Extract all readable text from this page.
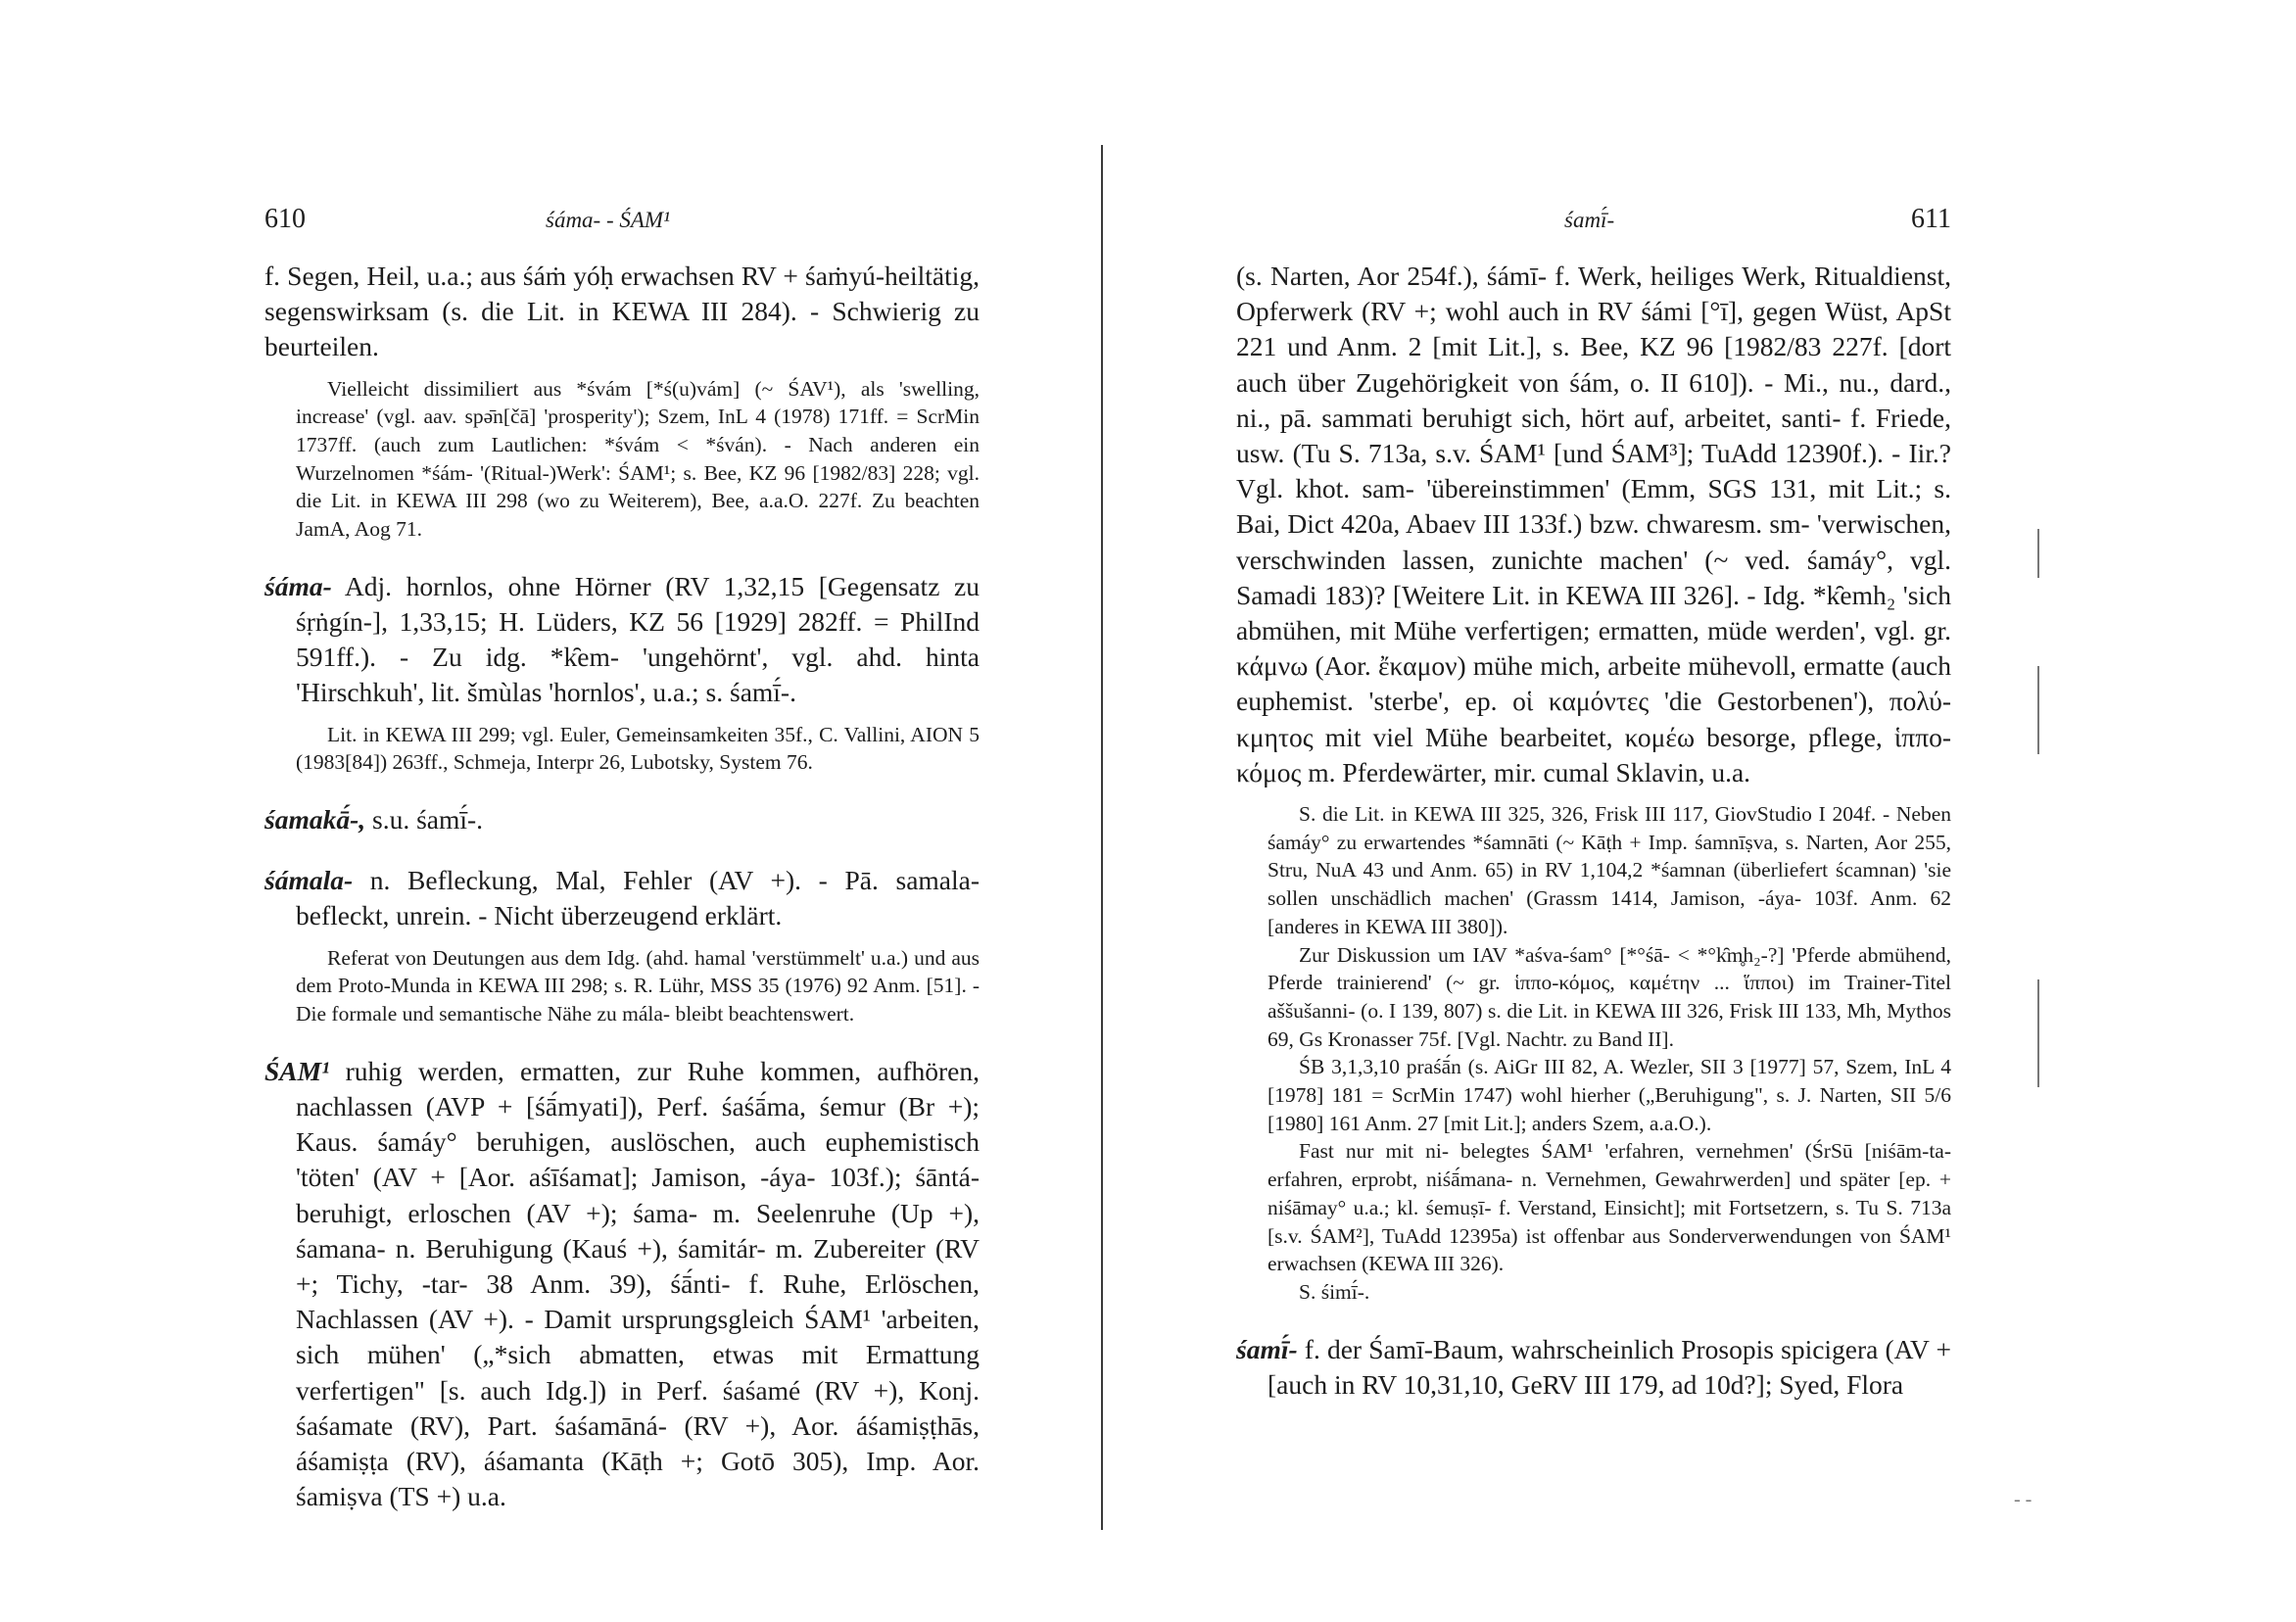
610	śáma- - ŚAM¹

f. Segen, Heil, u.a.; aus śáṁ yóḥ erwachsen RV + śaṁyú-heiltätig, segenswirksam (s. die Lit. in KEWA III 284). - Schwierig zu beurteilen.

Vielleicht dissimiliert aus *śvám [*ś(u)vám] (~ ŚAV¹), als 'swelling, increase' (vgl. aav. spə̄n[čā] 'prosperity'); Szem, InL 4 (1978) 171ff. = ScrMin 1737ff. (auch zum Lautlichen: *śvám < *śván). - Nach anderen ein Wurzelnomen *śám- '(Ritual-)Werk': ŚAM¹; s. Bee, KZ 96 [1982/83] 228; vgl. die Lit. in KEWA III 298 (wo zu Weiterem), Bee, a.a.O. 227f. Zu beachten JamA, Aog 71.

śáma- Adj. hornlos, ohne Hörner (RV 1,32,15 [Gegensatz zu śṛṅgín-], 1,33,15; H. Lüders, KZ 56 [1929] 282ff. = PhilInd 591ff.). - Zu idg. *k̑em- 'ungehörnt', vgl. ahd. hinta 'Hirschkuh', lit. šmùlas 'hornlos', u.a.; s. śamī́-.

Lit. in KEWA III 299; vgl. Euler, Gemeinsamkeiten 35f., C. Vallini, AION 5 (1983[84]) 263ff., Schmeja, Interpr 26, Lubotsky, System 76.

śamakā́-, s.u. śamī́-.

śámala- n. Befleckung, Mal, Fehler (AV +). - Pā. samala- befleckt, unrein. - Nicht überzeugend erklärt.

Referat von Deutungen aus dem Idg. (ahd. hamal 'verstümmelt' u.a.) und aus dem Proto-Munda in KEWA III 298; s. R. Lühr, MSS 35 (1976) 92 Anm. [51]. - Die formale und semantische Nähe zu mála- bleibt beachtenswert.

ŚAM¹ ruhig werden, ermatten, zur Ruhe kommen, aufhören, nachlassen (AVP + [śā́myati]), Perf. śaśā́ma, śemur (Br +); Kaus. śamáy° beruhigen, auslöschen, auch euphemistisch 'töten' (AV + [Aor. aśīśamat]; Jamison, -áya- 103f.); śāntá- beruhigt, erloschen (AV +); śama- m. Seelenruhe (Up +), śamana- n. Beruhigung (Kauś +), śamitár- m. Zubereiter (RV +; Tichy, -tar- 38 Anm. 39), śā́nti- f. Ruhe, Erlöschen, Nachlassen (AV +). - Damit ursprungsgleich ŚAM¹ 'arbeiten, sich mühen' („*sich abmatten, etwas mit Ermattung verfertigen" [s. auch Idg.]) in Perf. śaśamé (RV +), Konj. śaśamate (RV), Part. śaśamāná- (RV +), Aor. áśamiṣṭhās, áśamiṣṭa (RV), áśamanta (Kāṭh +; Gotō 305), Imp. Aor. śamiṣva (TS +) u.a.

śamī́-	611

(s. Narten, Aor 254f.), śámī- f. Werk, heiliges Werk, Ritualdienst, Opferwerk (RV +; wohl auch in RV śámi [°ī], gegen Wüst, ApSt 221 und Anm. 2 [mit Lit.], s. Bee, KZ 96 [1982/83 227f. [dort auch über Zugehörigkeit von śám, o. II 610]). - Mi., nu., dard., ni., pā. sammati beruhigt sich, hört auf, arbeitet, santi- f. Friede, usw. (Tu S. 713a, s.v. ŚAM¹ [und ŚAM³]; TuAdd 12390f.). - Iir.? Vgl. khot. sam- 'übereinstimmen' (Emm, SGS 131, mit Lit.; s. Bai, Dict 420a, Abaev III 133f.) bzw. chwaresm. sm- 'verwischen, verschwinden lassen, zunichte machen' (~ ved. śamáy°, vgl. Samadi 183)? [Weitere Lit. in KEWA III 326]. - Idg. *k̑emh₂ 'sich abmühen, mit Mühe verfertigen; ermatten, müde werden', vgl. gr. κάμνω (Aor. ἔκαμον) mühe mich, arbeite mühevoll, ermatte (auch euphemist. 'sterbe', ep. οἱ καμόντες 'die Gestorbenen'), πολύ-κμητος mit viel Mühe bearbeitet, κομέω besorge, pflege, ἱππο-κόμος m. Pferdewärter, mir. cumal Sklavin, u.a.

S. die Lit. in KEWA III 325, 326, Frisk III 117, GiovStudio I 204f. - Neben śamáy° zu erwartendes *śamnāti (~ Kāṭh + Imp. śamnīṣva, s. Narten, Aor 255, Stru, NuA 43 und Anm. 65) in RV 1,104,2 *śamnan (überliefert ścamnan) 'sie sollen unschädlich machen' (Grassm 1414, Jamison, -áya- 103f. Anm. 62 [anderes in KEWA III 380]).

Zur Diskussion um IAV *aśva-śam° [*°śā- < *°k̑m̥h₂-?] 'Pferde abmühend, Pferde trainierend' (~ gr. ἱππο-κόμος, καμέτην ... ἵπποι) im Trainer-Titel aššušanni- (o. I 139, 807) s. die Lit. in KEWA III 326, Frisk III 133, Mh, Mythos 69, Gs Kronasser 75f. [Vgl. Nachtr. zu Band II].

ŚB 3,1,3,10 praśā́n (s. AiGr III 82, A. Wezler, SII 3 [1977] 57, Szem, InL 4 [1978] 181 = ScrMin 1747) wohl hierher („Beruhigung", s. J. Narten, SII 5/6 [1980] 161 Anm. 27 [mit Lit.]; anders Szem, a.a.O.).

Fast nur mit ni- belegtes ŚAM¹ 'erfahren, vernehmen' (ŚrSū [niśām-ta- erfahren, erprobt, niśā́mana- n. Vernehmen, Gewahrwerden] und später [ep. + niśāmay° u.a.; kl. śemuṣī- f. Verstand, Einsicht]; mit Fortsetzern, s. Tu S. 713a [s.v. ŚAM²], TuAdd 12395a) ist offenbar aus Sonderverwendungen von ŚAM¹ erwachsen (KEWA III 326).

S. śimī́-.

śamī́- f. der Śamī-Baum, wahrscheinlich Prosopis spicigera (AV + [auch in RV 10,31,10, GeRV III 179, ad 10d?]; Syed, Flora

- -
